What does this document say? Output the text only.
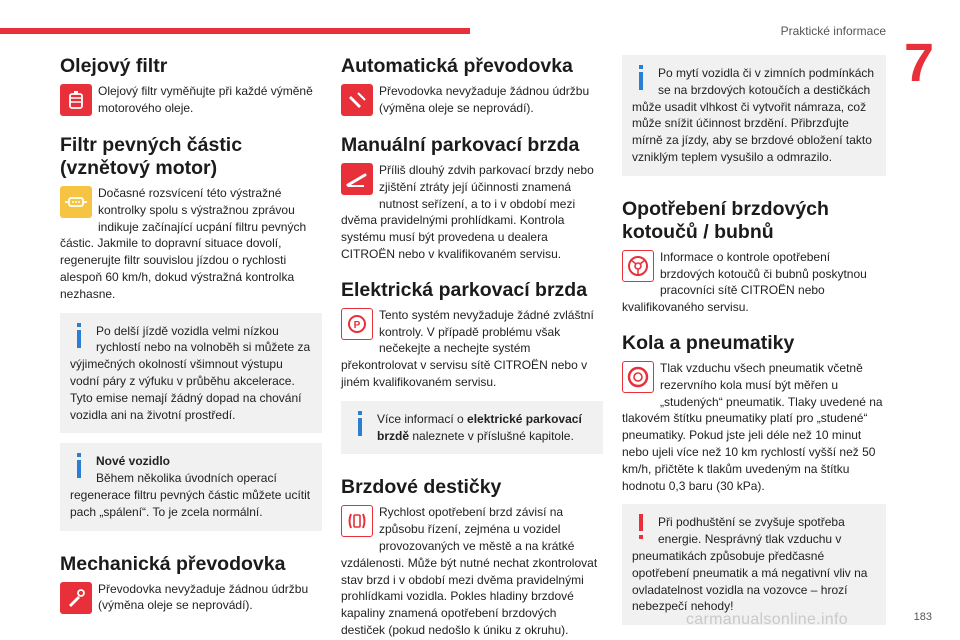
Praktické informace
7
Olejový filtr
Olejový filtr vyměňujte při každé výměně motorového oleje.
Filtr pevných částic (vznětový motor)
Dočasné rozsvícení této výstražné kontrolky spolu s výstražnou zprávou indikuje začínající ucpání filtru pevných částic. Jakmile to dopravní situace dovolí, regenerujte filtr souvislou jízdou o rychlosti alespoň 60 km/h, dokud výstražná kontrolka nezhasne.
Po delší jízdě vozidla velmi nízkou rychlostí nebo na volnoběh si můžete za výjimečných okolností všimnout výstupu vodní páry z výfuku v průběhu akcelerace. Tyto emise nemají žádný dopad na chování vozidla ani na životní prostředí.
Nové vozidlo
Během několika úvodních operací regenerace filtru pevných částic můžete ucítit pach „spálení“. To je zcela normální.
Mechanická převodovka
Převodovka nevyžaduje žádnou údržbu (výměna oleje se neprovádí).
Automatická převodovka
Převodovka nevyžaduje žádnou údržbu (výměna oleje se neprovádí).
Manuální parkovací brzda
Příliš dlouhý zdvih parkovací brzdy nebo zjištění ztráty její účinnosti znamená nutnost seřízení, a to i v období mezi dvěma pravidelnými prohlídkami. Kontrola systému musí být provedena u dealera CITROËN nebo v kvalifikovaném servisu.
Elektrická parkovací brzda
P
Tento systém nevyžaduje žádné zvláštní kontroly. V případě problému však nečekejte a nechejte systém překontrolovat v servisu sítě CITROËN nebo v jiném kvalifikovaném servisu.
Více informací o elektrické parkovací brzdě naleznete v příslušné kapitole.
Brzdové destičky
Rychlost opotřebení brzd závisí na způsobu řízení, zejména u vozidel provozovaných ve městě a na krátké vzdálenosti. Může být nutné nechat zkontrolovat stav brzd i v období mezi dvěma pravidelnými prohlídkami vozidla. Pokles hladiny brzdové kapaliny znamená opotřebení brzdových destiček (pokud nedošlo k úniku z okruhu).
Po mytí vozidla či v zimních podmínkách se na brzdových kotoučích a destičkách může usadit vlhkost či vytvořit námraza, což může snížit účinnost brzdění. Přibrzďujte mírně za jízdy, aby se brzdové obložení takto vzniklým teplem vysušilo a odmrazilo.
Opotřebení brzdových kotoučů / bubnů
Informace o kontrole opotřebení brzdových kotoučů či bubnů poskytnou pracovníci sítě CITROËN nebo kvalifikovaného servisu.
Kola a pneumatiky
Tlak vzduchu všech pneumatik včetně rezervního kola musí být měřen u „studených“ pneumatik. Tlaky uvedené na tlakovém štítku pneumatiky platí pro „studené“ pneumatiky. Pokud jste jeli déle než 10 minut nebo ujeli více než 10 km rychlostí vyšší než 50 km/h, přičtěte k tlakům uvedeným na štítku hodnotu 0,3 baru (30 kPa).
Při podhuštění se zvyšuje spotřeba energie. Nesprávný tlak vzduchu v pneumatikách způsobuje předčasné opotřebení pneumatik a má negativní vliv na ovladatelnost vozidla na vozovce – hrozí nebezpečí nehody!
carmanualsonline.info	183
